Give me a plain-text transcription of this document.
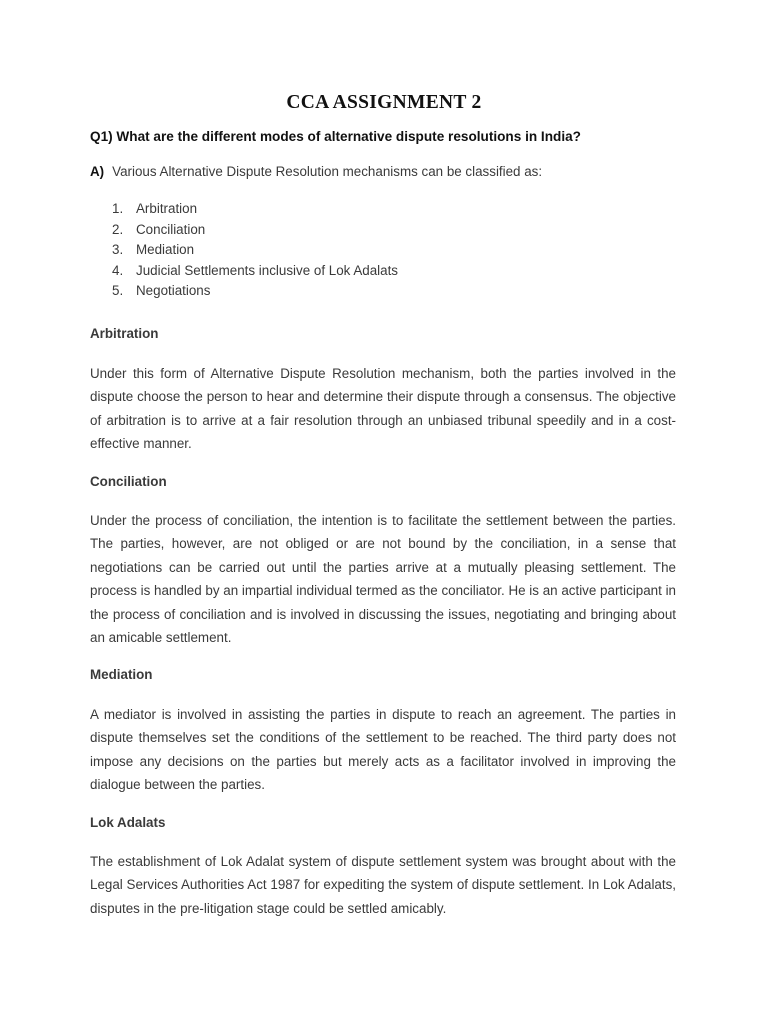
CCA ASSIGNMENT 2

Q1) What are the different modes of alternative dispute resolutions in India?

A) Various Alternative Dispute Resolution mechanisms can be classified as:

1. Arbitration
2. Conciliation
3. Mediation
4. Judicial Settlements inclusive of Lok Adalats
5. Negotiations
Arbitration

Under this form of Alternative Dispute Resolution mechanism, both the parties involved in the dispute choose the person to hear and determine their dispute through a consensus. The objective of arbitration is to arrive at a fair resolution through an unbiased tribunal speedily and in a cost-effective manner.

Conciliation

Under the process of conciliation, the intention is to facilitate the settlement between the parties. The parties, however, are not obliged or are not bound by the conciliation, in a sense that negotiations can be carried out until the parties arrive at a mutually pleasing settlement. The process is handled by an impartial individual termed as the conciliator. He is an active participant in the process of conciliation and is involved in discussing the issues, negotiating and bringing about an amicable settlement.

Mediation

A mediator is involved in assisting the parties in dispute to reach an agreement. The parties in dispute themselves set the conditions of the settlement to be reached. The third party does not impose any decisions on the parties but merely acts as a facilitator involved in improving the dialogue between the parties.

Lok Adalats

The establishment of Lok Adalat system of dispute settlement system was brought about with the Legal Services Authorities Act 1987 for expediting the system of dispute settlement. In Lok Adalats, disputes in the pre-litigation stage could be settled amicably.
